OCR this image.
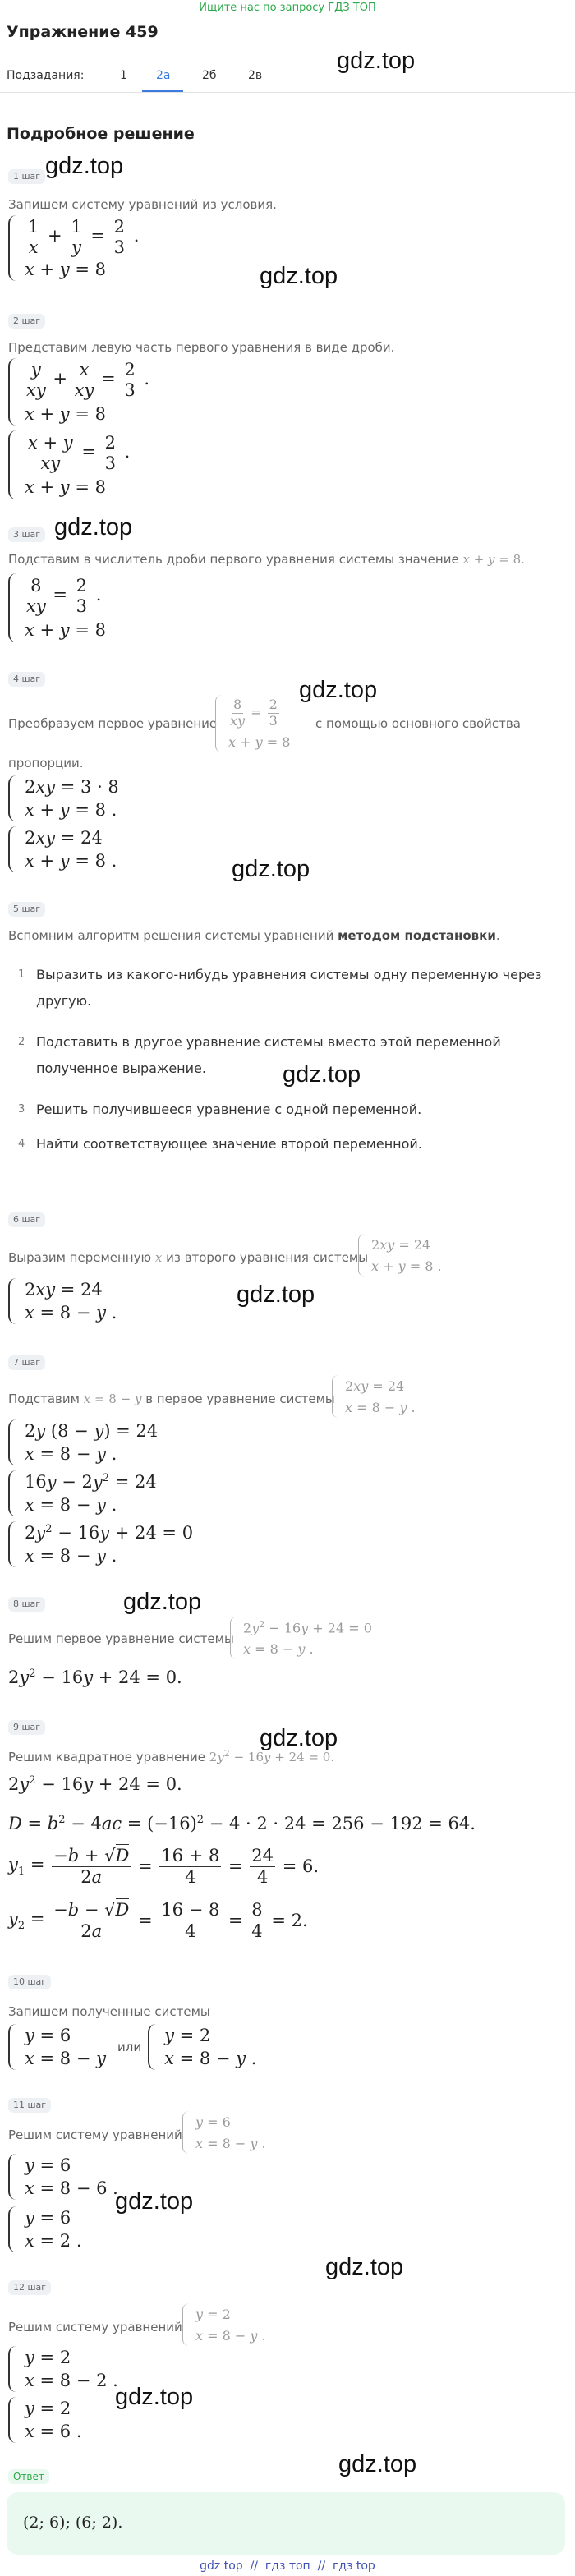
Ищите нас по запросу ГДЗ ТОП
Упражнение 459
Подзадания:	1	2а	2б	2в
gdz.top
Подробное решение
1 шаг gdz.top
Запишем систему уравнений из условия.
$\frac{1}{x} + \frac{1}{y} = \frac{2}{3}$ .
x + y = 8	gdz.top
2 шаг
Представим левую часть первого уравнения в виде дроби.
$\frac{y}{xy} + \frac{x}{xy} = \frac{2}{3}$ .
x + y = 8
$\frac{x + y}{xy} = \frac{2}{3}$ .
x + y = 8
3 шаг gdz.top
Подставим в числитель дроби первого уравнения системы значение x + y = 8.
$\frac{8}{xy} = \frac{2}{3}$ .
x + y = 8
4 шаг
Преобразуем первое уравнение $\frac{8}{xy} = \frac{2}{3}$
x + y = 8
gdz.top
с помощью основного свойства
пропорции.
2xy = 3 · 8
x + y = 8 .
2xy = 24
x + y = 8 .	gdz.top
5 шаг
Вспомним алгоритм решения системы уравнений методом подстановки.
1 Выразить из какого-нибудь уравнения системы одну переменную через
другую.
2 Подставить в другое уравнение системы вместо этой переменной
полученное выражение.	gdz.top
3 Решить получившееся уравнение с одной переменной.
4 Найти соответствующее значение второй переменной.
6 шаг
Выразим переменную x из второго уравнения системы
2xy = 24
x + y = 8 .
2xy = 24
x = 8 − y .
gdz.top
7 шаг
Подставим x = 8 − y в первое уравнение системы
2xy = 24
x = 8 − y .
2y (8 − y) = 24
x = 8 − y .
$16y - 2y^2 = 24$
x = 8 − y .
$2y^2 - 16y + 24 = 0$
x = 8 − y .
8 шаг	gdz.top
Решим первое уравнение системы
$2y^2 - 16y + 24 = 0$
x = 8 − y .
$2y^2 - 16y + 24 = 0$.
9 шаг
Решим квадратное уравнение $2y^2 - 16y + 24 = 0$.
gdz.top
$2y^2 - 16y + 24 = 0$.
$D = b^2 - 4ac = (-16)^2 - 4 \cdot 2 \cdot 24 = 256 - 192 = 64$.
$y_1 = \frac{-b + √D}{2a} = \frac{16 + 8}{4} = \frac{24}{4} = 6$.
$y_2 = \frac{-b - √D}{2a} = \frac{16 - 8}{4} = \frac{8}{4} = 2$.
10 шаг
Запишем полученные системы
y = 6
x = 8 − y
или
y = 2
x = 8 − y .
11 шаг
Решим систему уравнений
y = 6
x = 8 − y .
y = 6
x = 8 − 6 .
gdz.top
y = 6
x = 2 .
gdz.top
12 шаг
Решим систему уравнений
y = 2
x = 8 − y .
y = 2
x = 8 − 2 .
y = 2
x = 6 .
gdz.top
gdz.top
Ответ
(2; 6); (6; 2).
gdz top  //  гдз топ  //  гдз top
